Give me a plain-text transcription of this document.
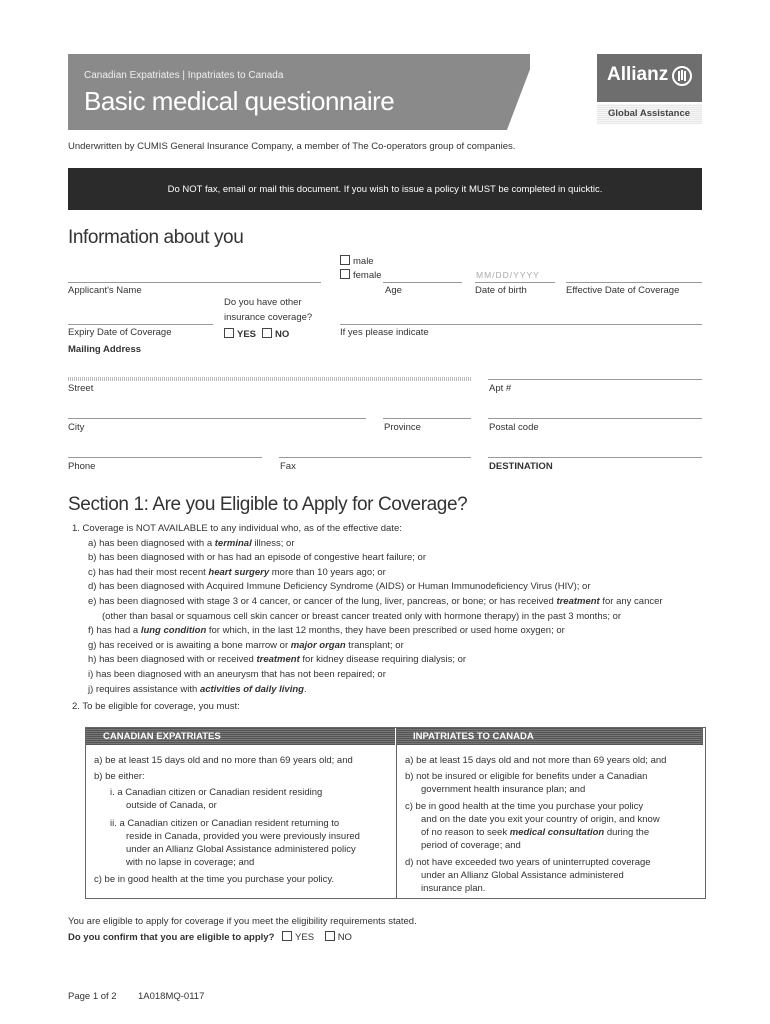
Canadian Expatriates | Inpatriates to Canada
Basic medical questionnaire
Allianz
Global Assistance
Underwritten by CUMIS General Insurance Company, a member of The Co-operators group of companies.
Do NOT fax, email or mail this document. If you wish to issue a policy it MUST be completed in quicktic.
Information about you
male
female	MM/DD/YYYY
Applicant's Name	Age	Date of birth	Effective Date of Coverage
Do you have other
insurance coverage?
Expiry Date of Coverage	YES	NO	If yes please indicate
Mailing Address
Street	Apt #
City	Province	Postal code
Phone	Fax	DESTINATION
Section 1: Are you Eligible to Apply for Coverage?
1. Coverage is NOT AVAILABLE to any individual who, as of the effective date:
a) has been diagnosed with a terminal illness; or
b) has been diagnosed with or has had an episode of congestive heart failure; or
c) has had their most recent heart surgery more than 10 years ago; or
d) has been diagnosed with Acquired Immune Deficiency Syndrome (AIDS) or Human Immunodeficiency Virus (HIV); or
e) has been diagnosed with stage 3 or 4 cancer, or cancer of the lung, liver, pancreas, or bone; or has received treatment for any cancer
(other than basal or squamous cell skin cancer or breast cancer treated only with hormone therapy) in the past 3 months; or
f) has had a lung condition for which, in the last 12 months, they have been prescribed or used home oxygen; or
g) has received or is awaiting a bone marrow or major organ transplant; or
h) has been diagnosed with or received treatment for kidney disease requiring dialysis; or
i) has been diagnosed with an aneurysm that has not been repaired; or
j) requires assistance with activities of daily living.
2. To be eligible for coverage, you must:
CANADIAN EXPATRIATES	INPATRIATES TO CANADA
a) be at least 15 days old and no more than 69 years old; and
b) be either:
i. a Canadian citizen or Canadian resident residing
outside of Canada, or
ii. a Canadian citizen or Canadian resident returning to
reside in Canada, provided you were previously insured
under an Allianz Global Assistance administered policy
with no lapse in coverage; and
c) be in good health at the time you purchase your policy.
a) be at least 15 days old and not more than 69 years old; and
b) not be insured or eligible for benefits under a Canadian
government health insurance plan; and
c) be in good health at the time you purchase your policy
and on the date you exit your country of origin, and know
of no reason to seek medical consultation during the
period of coverage; and
d) not have exceeded two years of uninterrupted coverage
under an Allianz Global Assistance administered
insurance plan.
You are eligible to apply for coverage if you meet the eligibility requirements stated.
Do you confirm that you are eligible to apply? YES NO
Page 1 of 2 1A018MQ-0117
